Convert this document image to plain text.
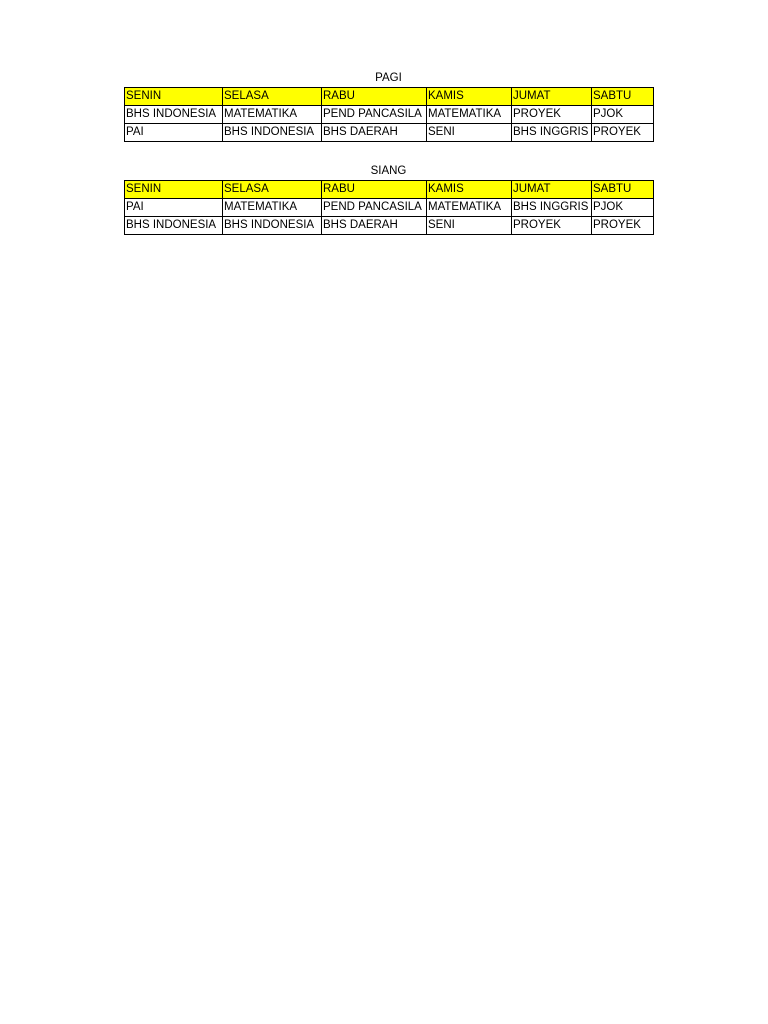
PAGI
SENIN	SELASA	RABU	KAMIS	JUMAT	SABTU
BHS INDONESIA	MATEMATIKA	PEND PANCASILA	MATEMATIKA	PROYEK	PJOK
PAI	BHS INDONESIA	BHS DAERAH	SENI	BHS INGGRIS	PROYEK
SIANG
SENIN	SELASA	RABU	KAMIS	JUMAT	SABTU
PAI	MATEMATIKA	PEND PANCASILA	MATEMATIKA	BHS INGGRIS	PJOK
BHS INDONESIA	BHS INDONESIA	BHS DAERAH	SENI	PROYEK	PROYEK
